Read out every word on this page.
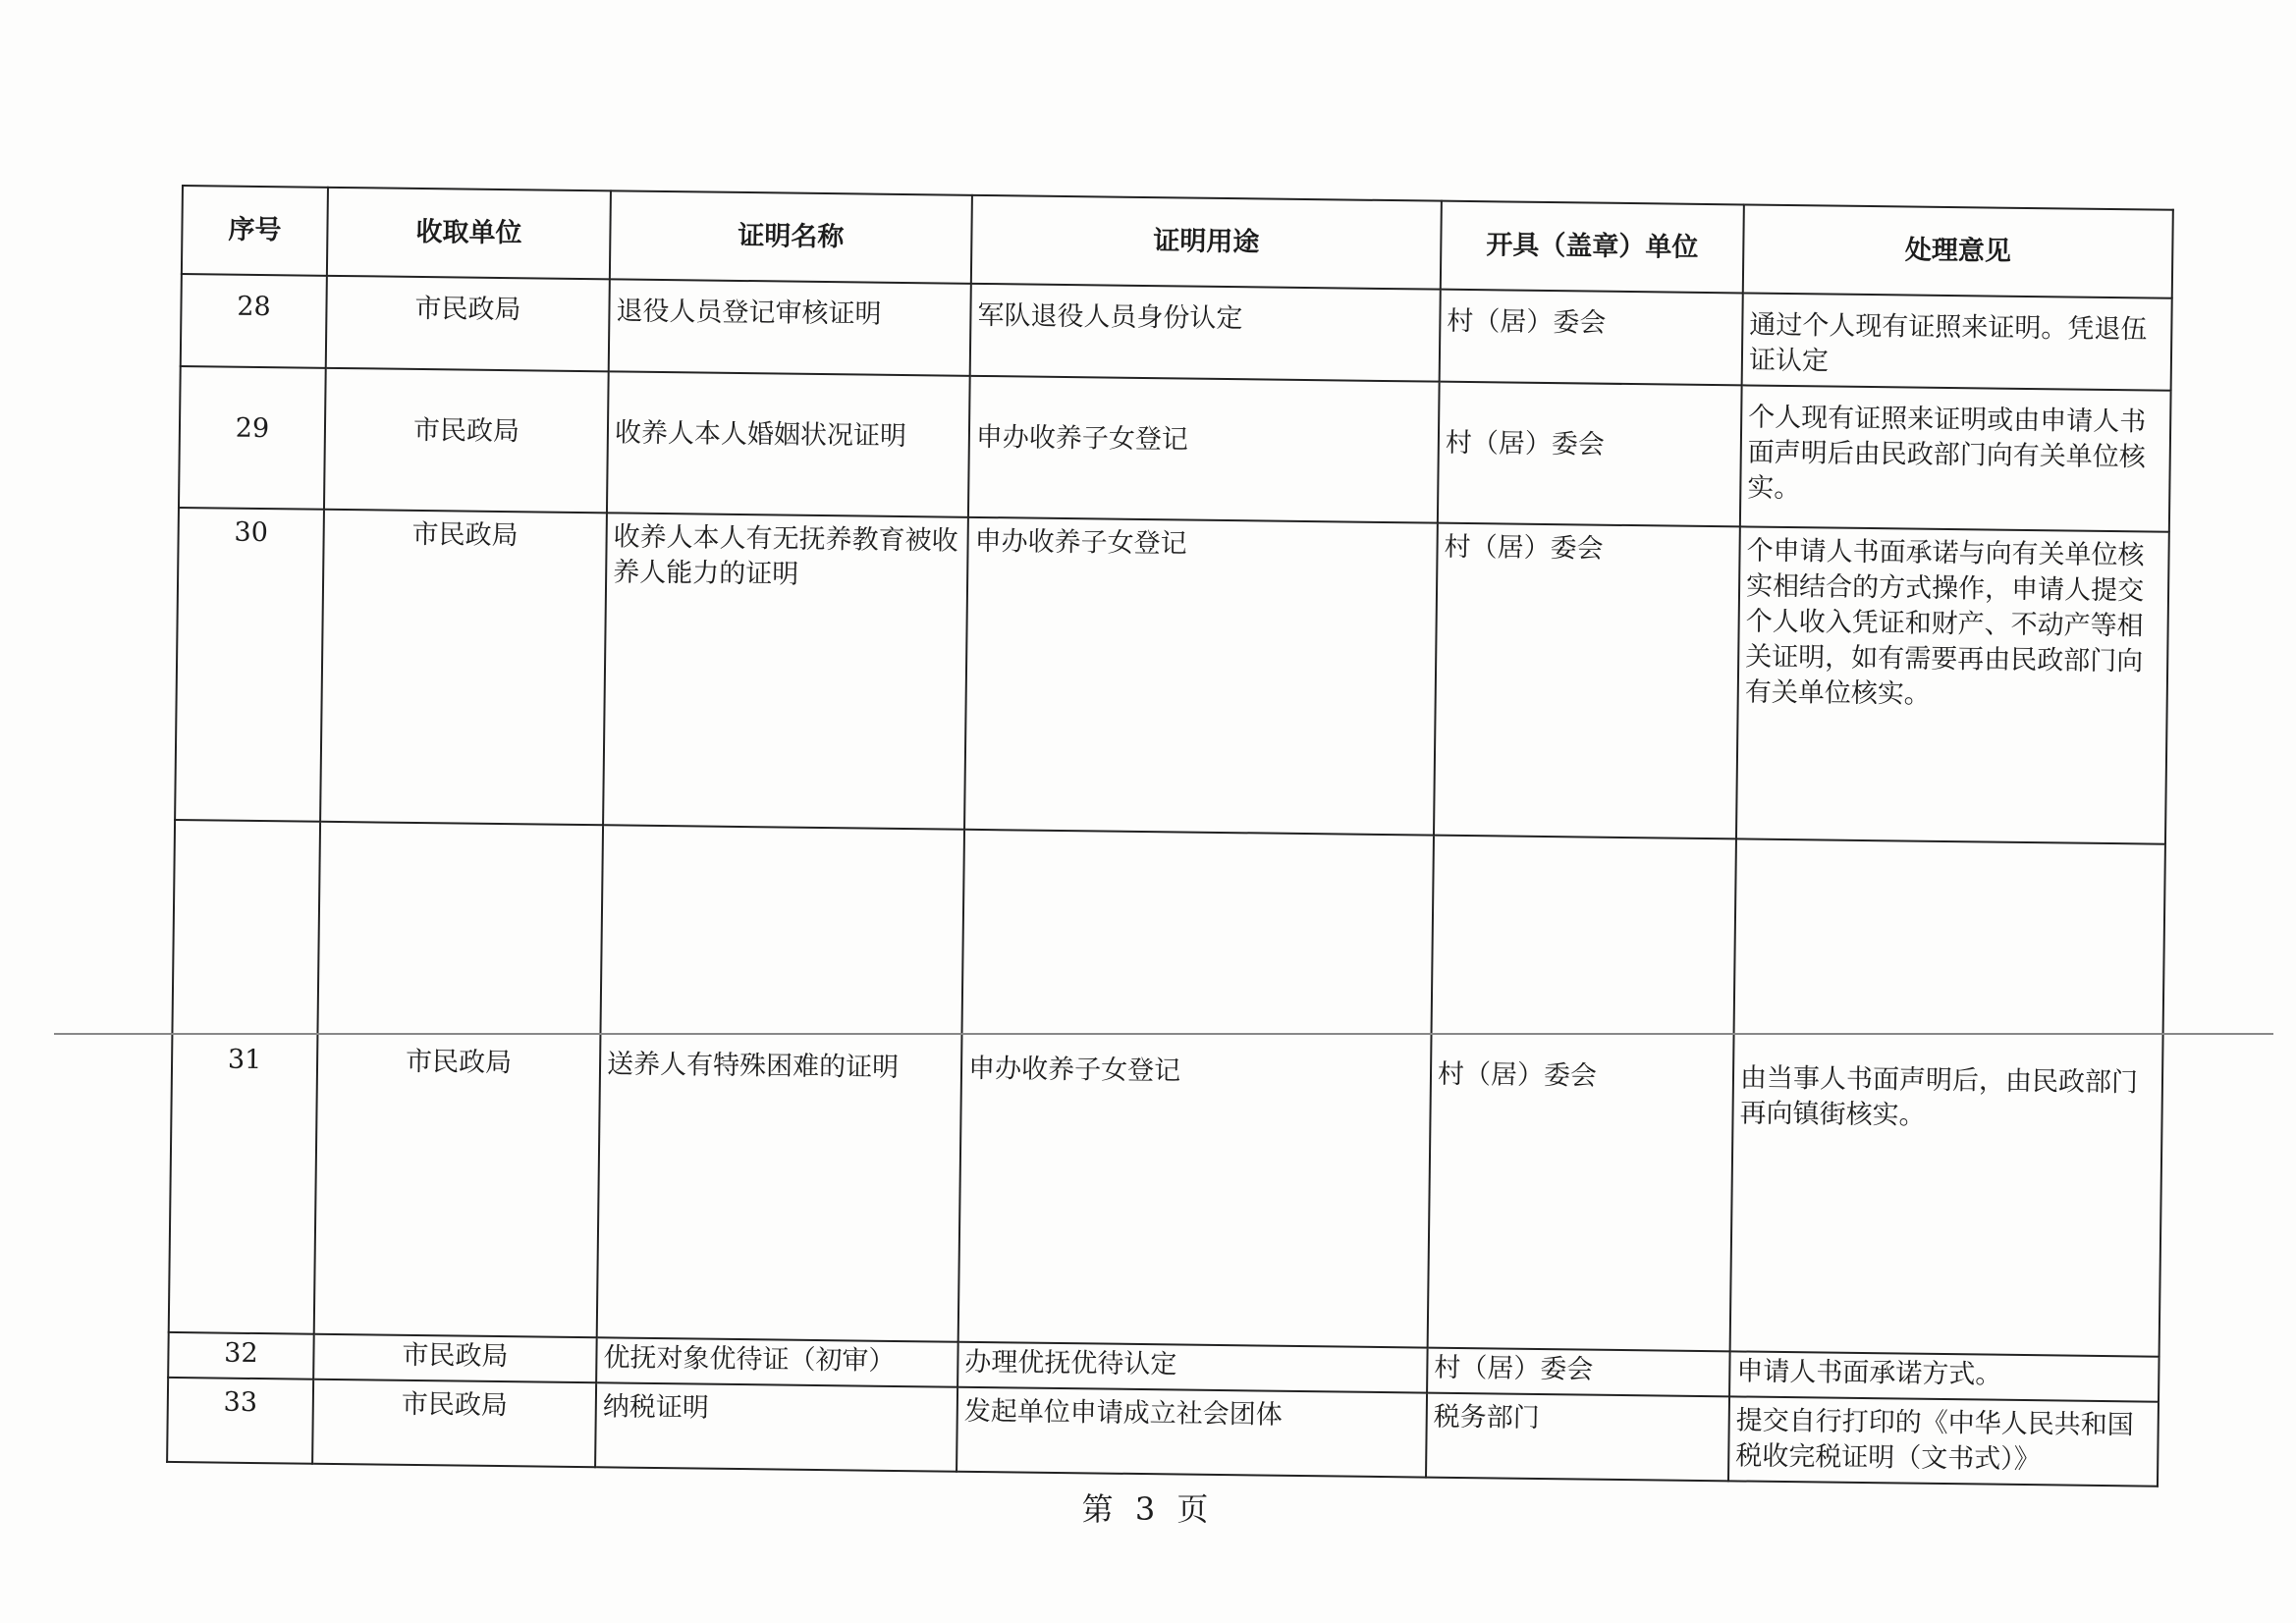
序号	收取单位	证明名称	证明用途	开具（盖章）单位	处理意见

28	市民政局	退役人员登记审核证明	军队退役人员身份认定	村（居）委会	通过个人现有证照来证明。凭退伍证认定

29	市民政局	收养人本人婚姻状况证明	申办收养子女登记	村（居）委会	个人现有证照来证明或由申请人书面声明后由民政部门向有关单位核实。

30	市民政局	收养人本人有无抚养教育被收养人能力的证明	申办收养子女登记	村（居）委会	个申请人书面承诺与向有关单位核实相结合的方式操作，申请人提交个人收入凭证和财产、不动产等相关证明，如有需要再由民政部门向有关单位核实。

31	市民政局	送养人有特殊困难的证明	申办收养子女登记	村（居）委会	由当事人书面声明后，由民政部门再向镇街核实。

32	市民政局	优抚对象优待证（初审）	办理优抚优待认定	村（居）委会	申请人书面承诺方式。

33	市民政局	纳税证明	发起单位申请成立社会团体	税务部门	提交自行打印的《中华人民共和国税收完税证明（文书式）》
第 3 页
